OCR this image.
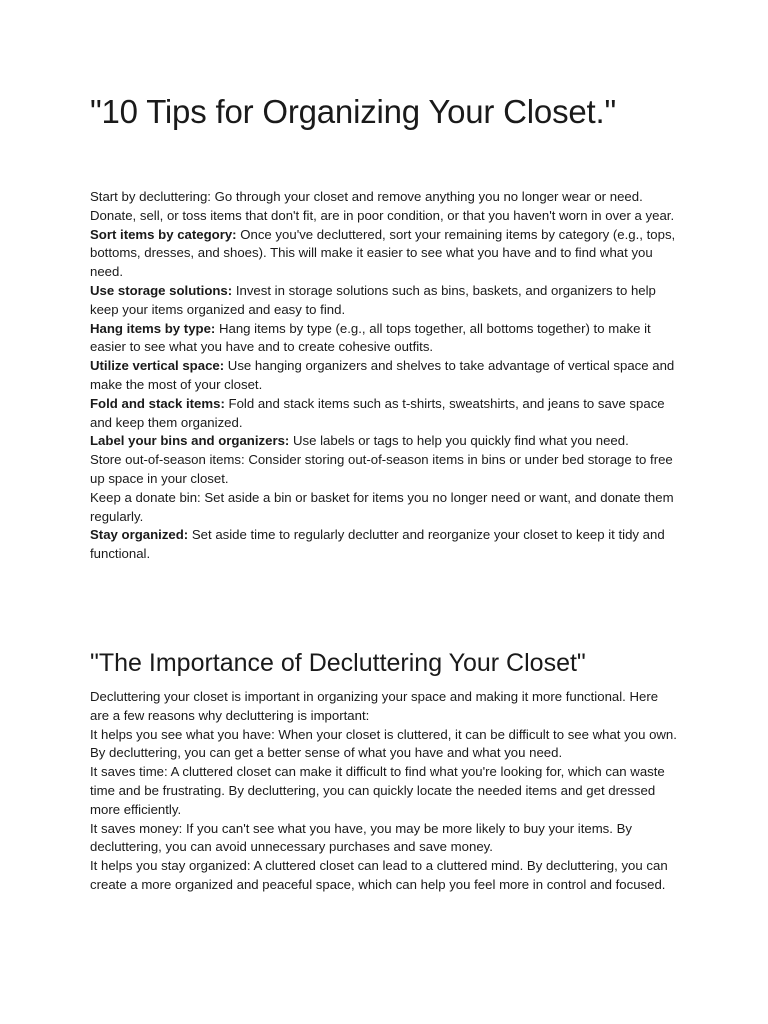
"10 Tips for Organizing Your Closet."

Start by decluttering: Go through your closet and remove anything you no longer wear or need. Donate, sell, or toss items that don't fit, are in poor condition, or that you haven't worn in over a year.

Sort items by category: Once you've decluttered, sort your remaining items by category (e.g., tops, bottoms, dresses, and shoes). This will make it easier to see what you have and to find what you need.

Use storage solutions: Invest in storage solutions such as bins, baskets, and organizers to help keep your items organized and easy to find.

Hang items by type: Hang items by type (e.g., all tops together, all bottoms together) to make it easier to see what you have and to create cohesive outfits.

Utilize vertical space: Use hanging organizers and shelves to take advantage of vertical space and make the most of your closet.

Fold and stack items: Fold and stack items such as t-shirts, sweatshirts, and jeans to save space and keep them organized.

Label your bins and organizers: Use labels or tags to help you quickly find what you need.

Store out-of-season items: Consider storing out-of-season items in bins or under bed storage to free up space in your closet.

Keep a donate bin: Set aside a bin or basket for items you no longer need or want, and donate them regularly.

Stay organized: Set aside time to regularly declutter and reorganize your closet to keep it tidy and functional.

"The Importance of Decluttering Your Closet"

Decluttering your closet is important in organizing your space and making it more functional. Here are a few reasons why decluttering is important:

It helps you see what you have: When your closet is cluttered, it can be difficult to see what you own. By decluttering, you can get a better sense of what you have and what you need.

It saves time: A cluttered closet can make it difficult to find what you're looking for, which can waste time and be frustrating. By decluttering, you can quickly locate the needed items and get dressed more efficiently.

It saves money: If you can't see what you have, you may be more likely to buy your items. By decluttering, you can avoid unnecessary purchases and save money.

It helps you stay organized: A cluttered closet can lead to a cluttered mind. By decluttering, you can create a more organized and peaceful space, which can help you feel more in control and focused.
